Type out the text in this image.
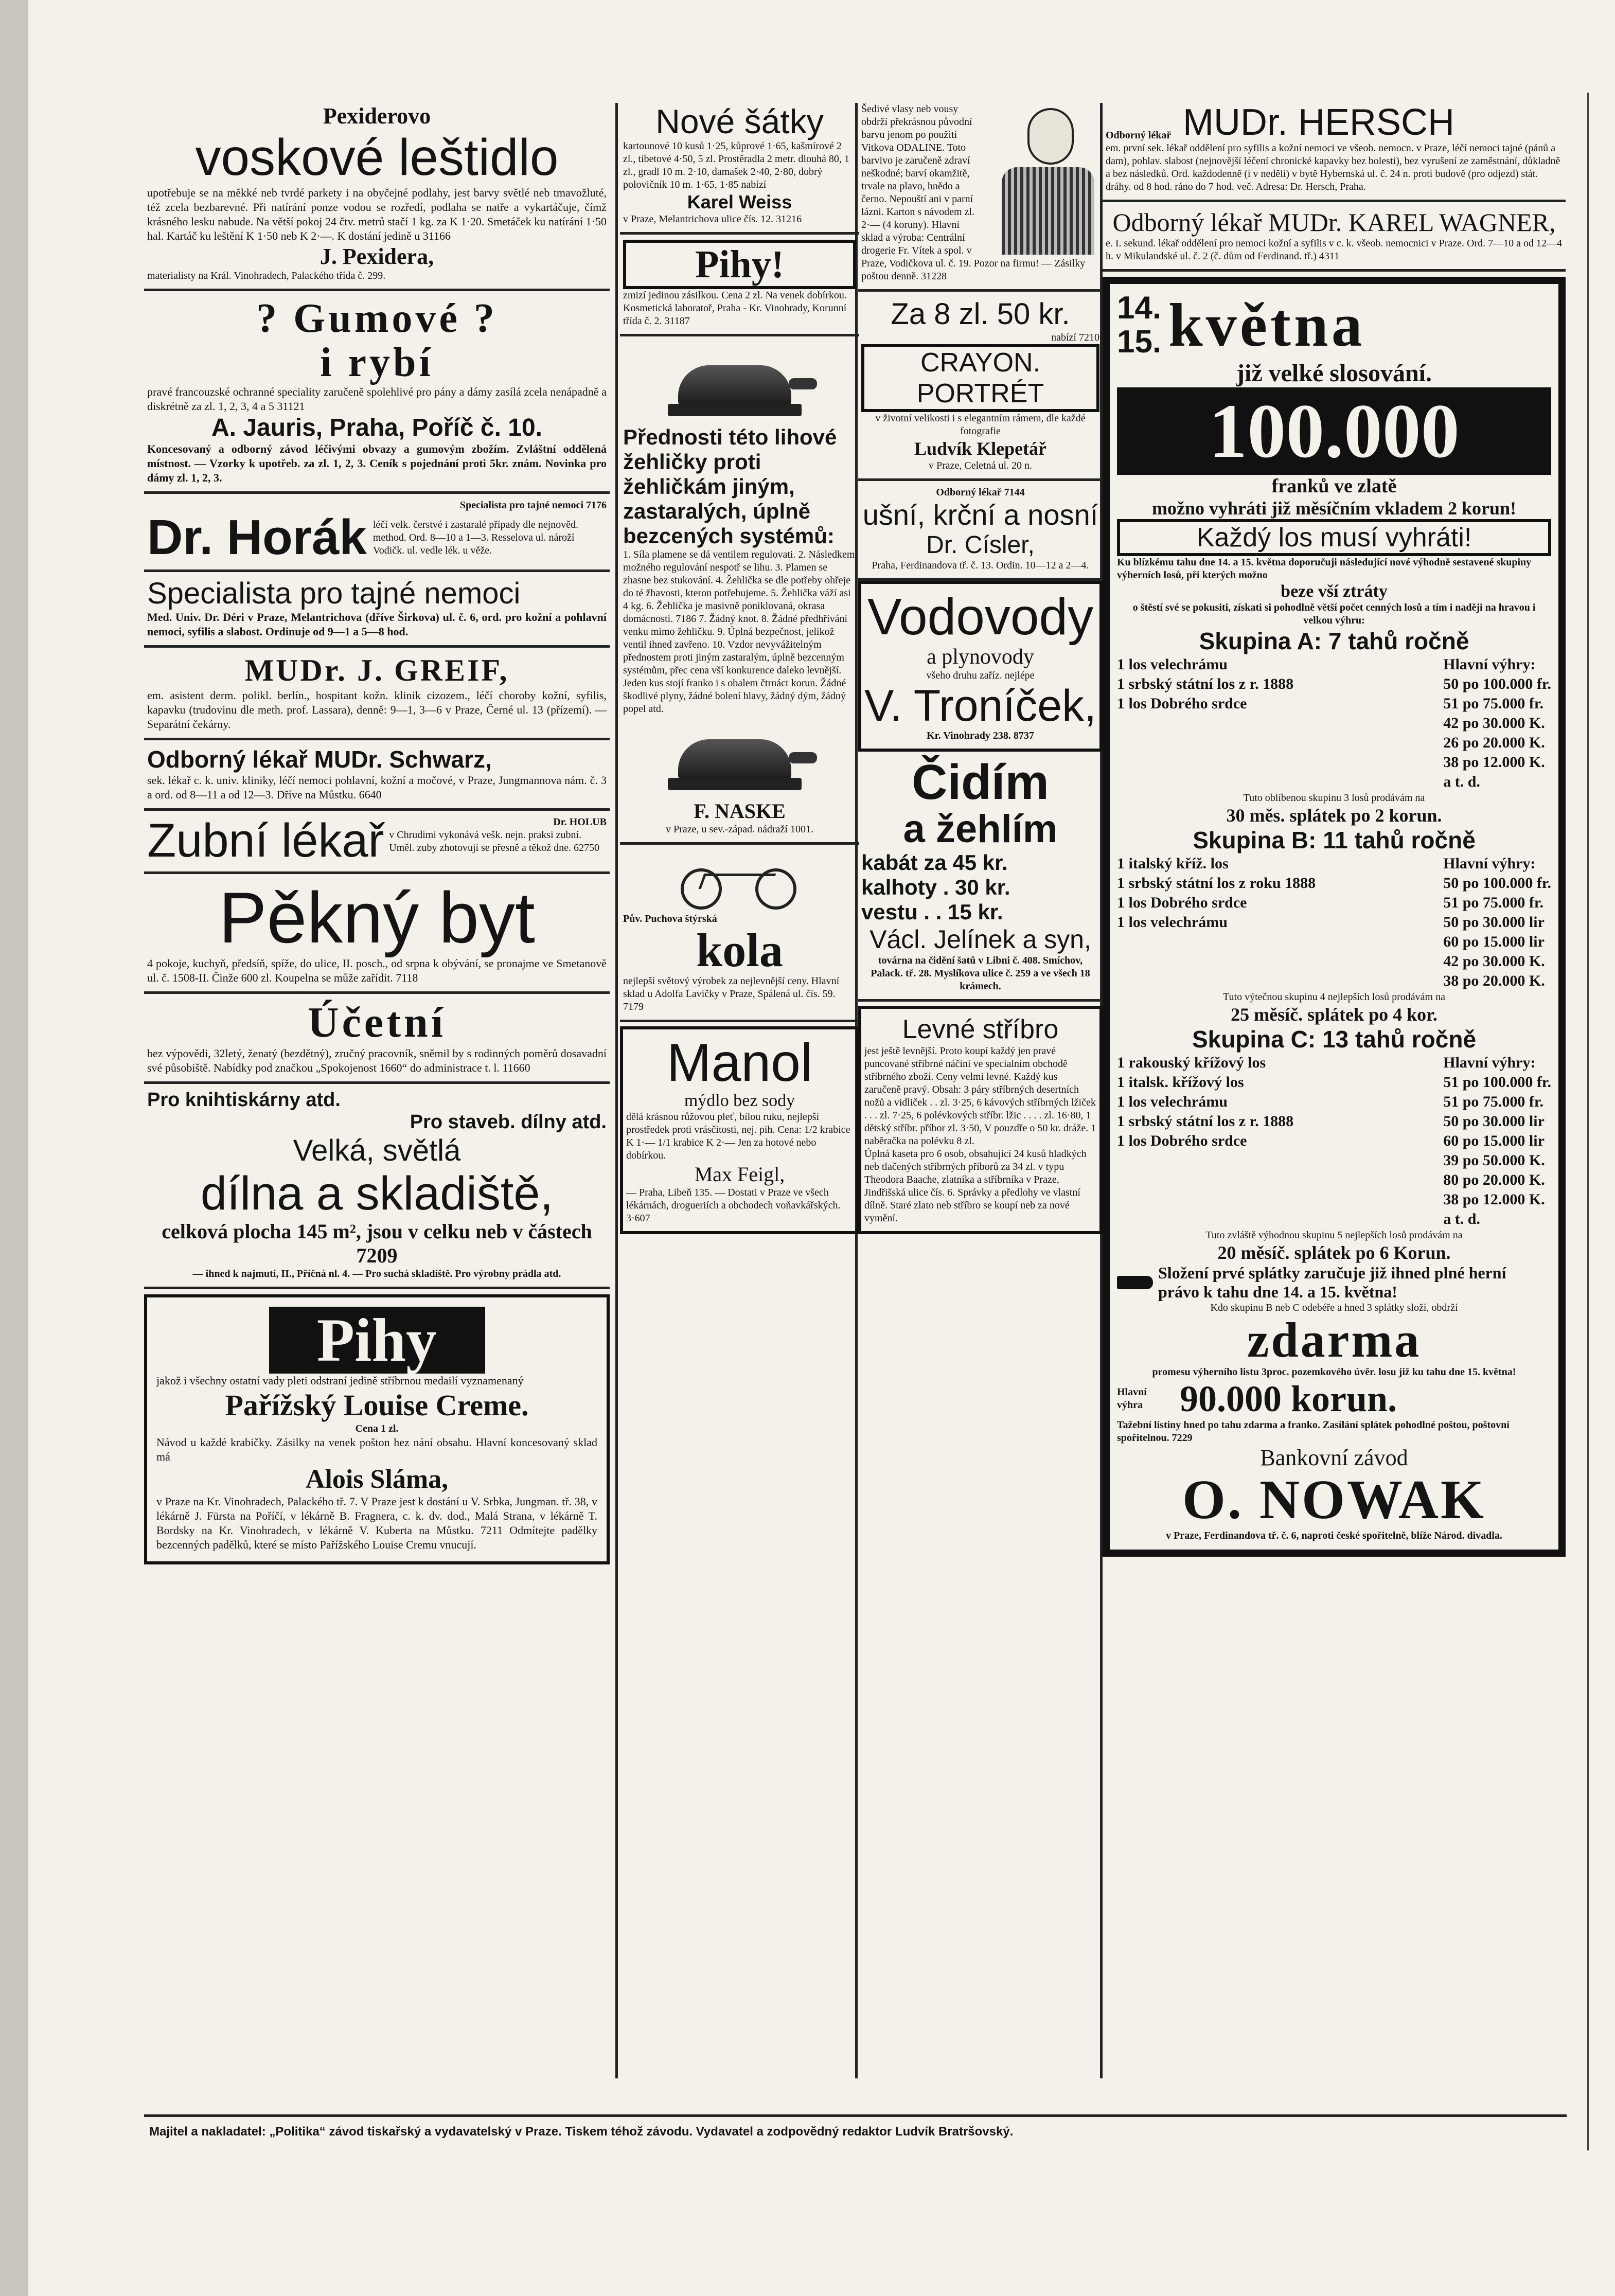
Pexiderovo
voskové leštidlo
upotřebuje se na měkké neb tvrdé parkety i na obyčejné podlahy, jest barvy světlé neb tmavožluté, též zcela bezbarevné. Při natírání ponze vodou se rozředí, podlaha se natře a vykartáčuje, čímž krásného lesku nabude. Na větší pokoj 24 čtv. metrů stačí 1 kg. za K 1·20. Smetáček ku natírání 1·50 hal. Kartáč ku leštění K 1·50 neb K 2·—. K dostání jedině u 31166
J. Pexidera,
materialisty na Král. Vinohradech, Palackého třída č. 299.
? Gumové ?
i rybí
pravé francouzské ochranné speciality zaručeně spolehlivé pro pány a dámy zasílá zcela nenápadně a diskrétně za zl. 1, 2, 3, 4 a 5 31121
A. Jauris, Praha, Poříč č. 10.
Koncesovaný a odborný závod léčivými obvazy a gumovým zbožím. Zvláštní oddělená místnost. — Vzorky k upotřeb. za zl. 1, 2, 3. Ceník s pojednání proti 5kr. znám. Novinka pro dámy zl. 1, 2, 3.
Specialista pro tajné nemoci 7176
Dr. Horák léčí velk. čerstvé i zastaralé případy dle nejnověd. method. Ord. 8—10 a 1—3. Resselova ul. nároží Vodičk. ul. vedle lék. u věže.
Specialista pro tajné nemoci
Med. Univ. Dr. Déri v Praze, Melantrichova (dříve Širkova) ul. č. 6, ord. pro kožní a pohlavní nemoci, syfilis a slabost. Ordinuje od 9—1 a 5—8 hod.
MUDr. J. GREIF,
em. asistent derm. polikl. berlín., hospitant kožn. klinik cizozem., léčí choroby kožní, syfilis, kapavku (trudovinu dle meth. prof. Lassara), denně: 9—1, 3—6 v Praze, Černé ul. 13 (přízemí). — Separátní čekárny.
Odborný lékař MUDr. Schwarz,
sek. lékař c. k. univ. kliniky, léčí nemoci pohlavní, kožní a močové, v Praze, Jungmannova nám. č. 3 a ord. od 8—11 a od 12—3. Dříve na Můstku. 6640
Zubní lékař	Dr. HOLUB
v Chrudimi vykonává vešk. nejn. praksi zubní. Uměl. zuby zhotovují se přesně a těkož dne. 62750
Pěkný byt
4 pokoje, kuchyň, předsíň, spíže, do ulice, II. posch., od srpna k obývání, se pronajme ve Smetanově ul. č. 1508-II. Činže 600 zl. Koupelna se může zařídit. 7118
Účetní
bez výpovědi, 32letý, ženatý (bezdětný), zručný pracovník, sněmil by s rodinných poměrů dosavadní své působiště. Nabídky pod značkou „Spokojenost 1660“ do administrace t. l. 11660
Pro knihtiskárny atd.
Pro staveb. dílny atd.
Velká, světlá
dílna a skladiště,
celková plocha 145 m², jsou v celku neb v částech 7209
— ihned k najmutí, II., Příčná nl. 4. — Pro suchá skladiště. Pro výrobny prádla atd.
Pihy
jakož i všechny ostatní vady pleti odstraní jedině stříbrnou medailí vyznamenaný
Pařížský Louise Creme.
Cena 1 zl.
Návod u každé krabičky. Zásilky na venek pošton hez nání obsahu. Hlavní koncesovaný sklad má
Alois Sláma,
v Praze na Kr. Vinohradech, Palackého tř. 7. V Praze jest k dostání u V. Srbka, Jungman. tř. 38, v lékárně J. Fürsta na Poříčí, v lékárně B. Fragnera, c. k. dv. dod., Malá Strana, v lékárně T. Bordsky na Kr. Vinohradech, v lékárně V. Kuberta na Můstku. 7211 Odmítejte padělky bezcenných padělků, které se místo Pařížského Louise Cremu vnucují.
Nové šátky
kartounové 10 kusů 1·25, kůprové 1·65, kašmírové 2 zl., tibetové 4·50, 5 zl. Prostěradla 2 metr. dlouhá 80, 1 zl., gradl 10 m. 2·10, damašek 2·40, 2·80, dobrý polovičník 10 m. 1·65, 1·85 nabízí
Karel Weiss
v Praze, Melantrichova ulice čís. 12. 31216
Pihy!
zmizí jedinou zásilkou. Cena 2 zl. Na venek dobírkou. Kosmetická laboratoř, Praha - Kr. Vinohrady, Korunní třída č. 2. 31187
Přednosti této lihové žehličky proti žehličkám jiným, zastaralých, úplně bezcených systémů:
1. Síla plamene se dá ventilem regulovati. 2. Následkem možného regulování nespotř se lihu. 3. Plamen se zhasne bez stukování. 4. Žehlička se dle potřeby ohřeje do té žhavosti, kteron potřebujeme. 5. Žehlička váží asi 4 kg. 6. Žehlička je masivně poniklovaná, okrasa domácnosti. 7186 7. Žádný knot. 8. Žádné předhřívání venku mimo žehličku. 9. Úplná bezpečnost, jelikož ventil ihned zavřeno. 10. Vzdor nevyvážitelným přednostem proti jiným zastaralým, úplně bezcenným systémům, přec cena vší konkurence daleko levnější. Jeden kus stojí franko i s obalem čtrnáct korun. Žádné škodlivé plyny, žádné bolení hlavy, žádný dým, žádný popel atd.
F. NASKE
v Praze, u sev.-západ. nádraží 1001.
Pův. Puchova štýrská
kola
nejlepší světový výrobek za nejlevnější ceny. Hlavní sklad u Adolfa Lavičky v Praze, Spálená ul. čís. 59. 7179
Manol
mýdlo bez sody
dělá krásnou růžovou pleť, bílou ruku, nejlepší prostředek proti vrásčitosti, nej. pih. Cena: 1/2 krabice K 1·— 1/1 krabice K 2·— Jen za hotové nebo dobírkou.
Max Feigl,
— Praha, Libeň 135. — Dostati v Praze ve všech lékárnách, drogueriích a obchodech voňavkářských. 3·607
Šedivé vlasy neb vousy obdrží překrásnou původní barvu jenom po použití Vitkova ODALINE. Toto barvivo je zaručeně zdraví neškodné; barví okamžitě, trvale na plavo, hnědo a černo. Nepouští ani v parní lázni. Karton s návodem zl. 2·— (4 koruny). Hlavní sklad a výroba: Centrální drogerie Fr. Vítek a spol. v Praze, Vodičkova ul. č. 19. Pozor na firmu! — Zásilky poštou denně. 31228
Za 8 zl. 50 kr.
nabízí 7210
CRAYON. PORTRÉT
v životní velikosti i s elegantním rámem, dle každé fotografie
Ludvík Klepetář
v Praze, Celetná ul. 20 n.
Odborný lékař 7144
ušní, krční a nosní
Dr. Císler,
Praha, Ferdinandova tř. č. 13. Ordin. 10—12 a 2—4.
Vodovody
a plynovody
všeho druhu zaříz. nejlépe
V. Troníček,
Kr. Vinohrady 238. 8737
Čidím
a žehlím
kabát za 45 kr.
kalhoty . 30 kr.
vestu . . 15 kr.
Václ. Jelínek a syn,
továrna na čidění šatů v Libni č. 408. Smíchov, Palack. tř. 28. Myslíkova ulice č. 259 a ve všech 18 krámech.
Levné stříbro
jest ještě levnější. Proto koupí každý jen pravé puncované stříbrné náčiní ve specialním obchodě stříbrného zboží. Ceny velmi levné. Každý kus zaručeně pravý. Obsah: 3 páry stříbrných desertních nožů a vidliček . . zl. 3·25, 6 kávových stříbrných lžiček . . . zl. 7·25, 6 polévkových stříbr. lžic . . . . zl. 16·80, 1 dětský stříbr. příbor zl. 3·50, V pouzdře o 50 kr. dráže. 1 naběračka na polévku 8 zl.
Úplná kaseta pro 6 osob, obsahující 24 kusů hladkých neb tlačených stříbrných příborů za 34 zl. v typu Theodora Baache, zlatníka a stříbrníka v Praze, Jindřišská ulice čís. 6. Správky a předlohy ve vlastní dílně. Staré zlato neb stříbro se koupí neb za nové vymění.
Odborný lékař MUDr. HERSCH
em. první sek. lékař oddělení pro syfilis a kožní nemoci ve všeob. nemocn. v Praze, léčí nemoci tajné (pánů a dam), pohlav. slabost (nejnovější léčení chronické kapavky bez bolesti), bez vyrušení ze zaměstnání, důkladně a bez následků. Ord. každodenně (i v neděli) v bytě Hybernská ul. č. 24 n. proti budově (pro odjezd) stát. dráhy. od 8 hod. ráno do 7 hod. več. Adresa: Dr. Hersch, Praha.
Odborný lékař MUDr. KAREL WAGNER,
e. I. sekund. lékař oddělení pro nemoci kožní a syfilis v c. k. všeob. nemocnici v Praze. Ord. 7—10 a od 12—4 h. v Mikulandské ul. č. 2 (č. dům od Ferdinand. tř.) 4311
14. 15. května
již velké slosování.
100.000
franků ve zlatě
možno vyhráti již měsíčním vkladem 2 korun!
Každý los musí vyhráti!
Ku blízkému tahu dne 14. a 15. května doporučuji následující nové výhodně sestavené skupiny výherních losů, při kterých možno
beze vší ztráty
o štěstí své se pokusiti, získati si pohodlně větší počet cenných losů a tím i naději na hravou i velkou výhru:
Skupina A: 7 tahů ročně
1 los velechrámu
1 srbský státní los z r. 1888
1 los Dobrého srdce
Hlavní výhry:
50 po 100.000 fr.
51 po 75.000 fr.
42 po 30.000 K.
26 po 20.000 K.
38 po 12.000 K.
a t. d.
Tuto oblíbenou skupinu 3 losů prodávám na
30 měs. splátek po 2 korun.
Skupina B: 11 tahů ročně
1 italský kříž. los
1 srbský státní los z roku 1888
1 los Dobrého srdce
1 los velechrámu
Hlavní výhry:
50 po 100.000 fr.
51 po 75.000 fr.
50 po 30.000 lir
60 po 15.000 lir
42 po 30.000 K.
38 po 20.000 K.
Tuto výtečnou skupinu 4 nejlepších losů prodávám na
25 měsíč. splátek po 4 kor.
Skupina C: 13 tahů ročně
1 rakouský křížový los
1 italsk. křížový los
1 los velechrámu
1 srbský státní los z r. 1888
1 los Dobrého srdce
Hlavní výhry:
51 po 100.000 fr.
51 po 75.000 fr.
50 po 30.000 lir
60 po 15.000 lir
39 po 50.000 K.
80 po 20.000 K.
38 po 12.000 K.
a t. d.
Tuto zvláště výhodnou skupinu 5 nejlepších losů prodávám na
20 měsíč. splátek po 6 Korun.
Složení prvé splátky zaručuje již ihned plné herní právo k tahu dne 14. a 15. května!
Kdo skupinu B neb C odebéře a hned 3 splátky složí, obdrží
zdarma
promesu výherního listu 3proc. pozemkového úvěr. losu již ku tahu dne 15. května!
Hlavní výhra	90.000 korun.
Tažební listiny hned po tahu zdarma a franko. Zasílání splátek pohodlné poštou, poštovní spořitelnou. 7229
Bankovní závod
O. NOWAK
v Praze, Ferdinandova tř. č. 6, naproti české spořitelně, blíže Národ. divadla.
Majitel a nakladatel: „Politika“ závod tiskařský a vydavatelský v Praze. Tiskem téhož závodu. Vydavatel a zodpovědný redaktor Ludvík Bratršovský.
